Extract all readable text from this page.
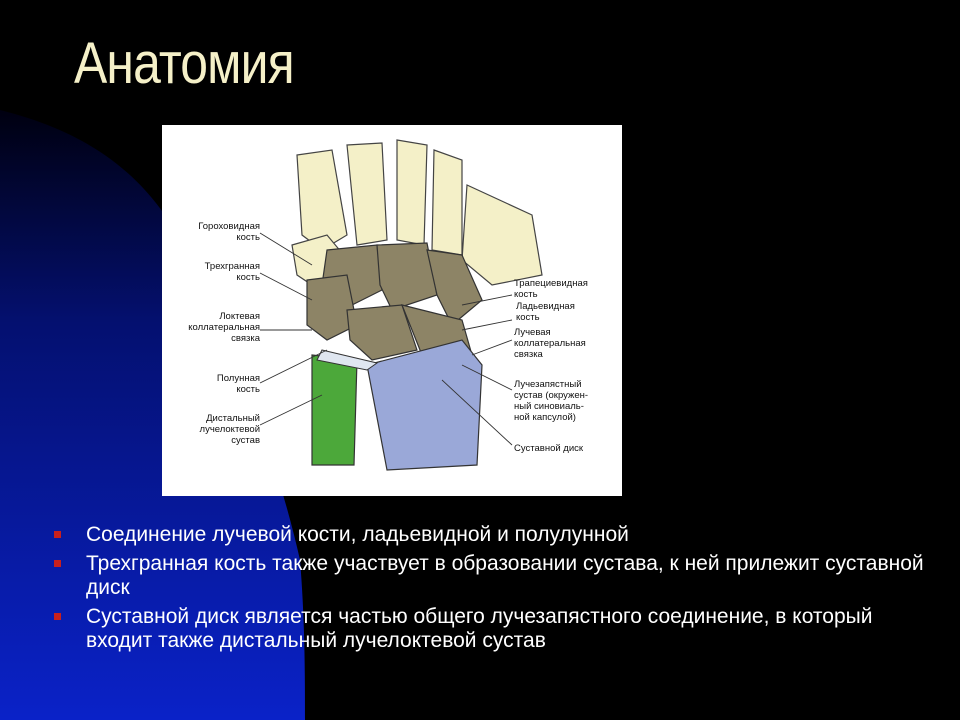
Анатомия
Гороховидная
кость
Трехгранная
кость
Локтевая
коллатеральная
связка
Полунная
кость
Дистальный
лучелоктевой
сустав
Трапециевидная
кость
Ладьевидная
кость
Лучевая
коллатеральная
связка
Лучезапястный
сустав (окружен-
ный синовиаль-
ной капсулой)
Суставной диск
Соединение лучевой кости, ладьевидной и полулунной
Трехгранная кость также участвует в образовании сустава, к ней прилежит суставной диск
Суставной диск является частью общего лучезапястного соединение, в который входит также дистальный лучелоктевой сустав
